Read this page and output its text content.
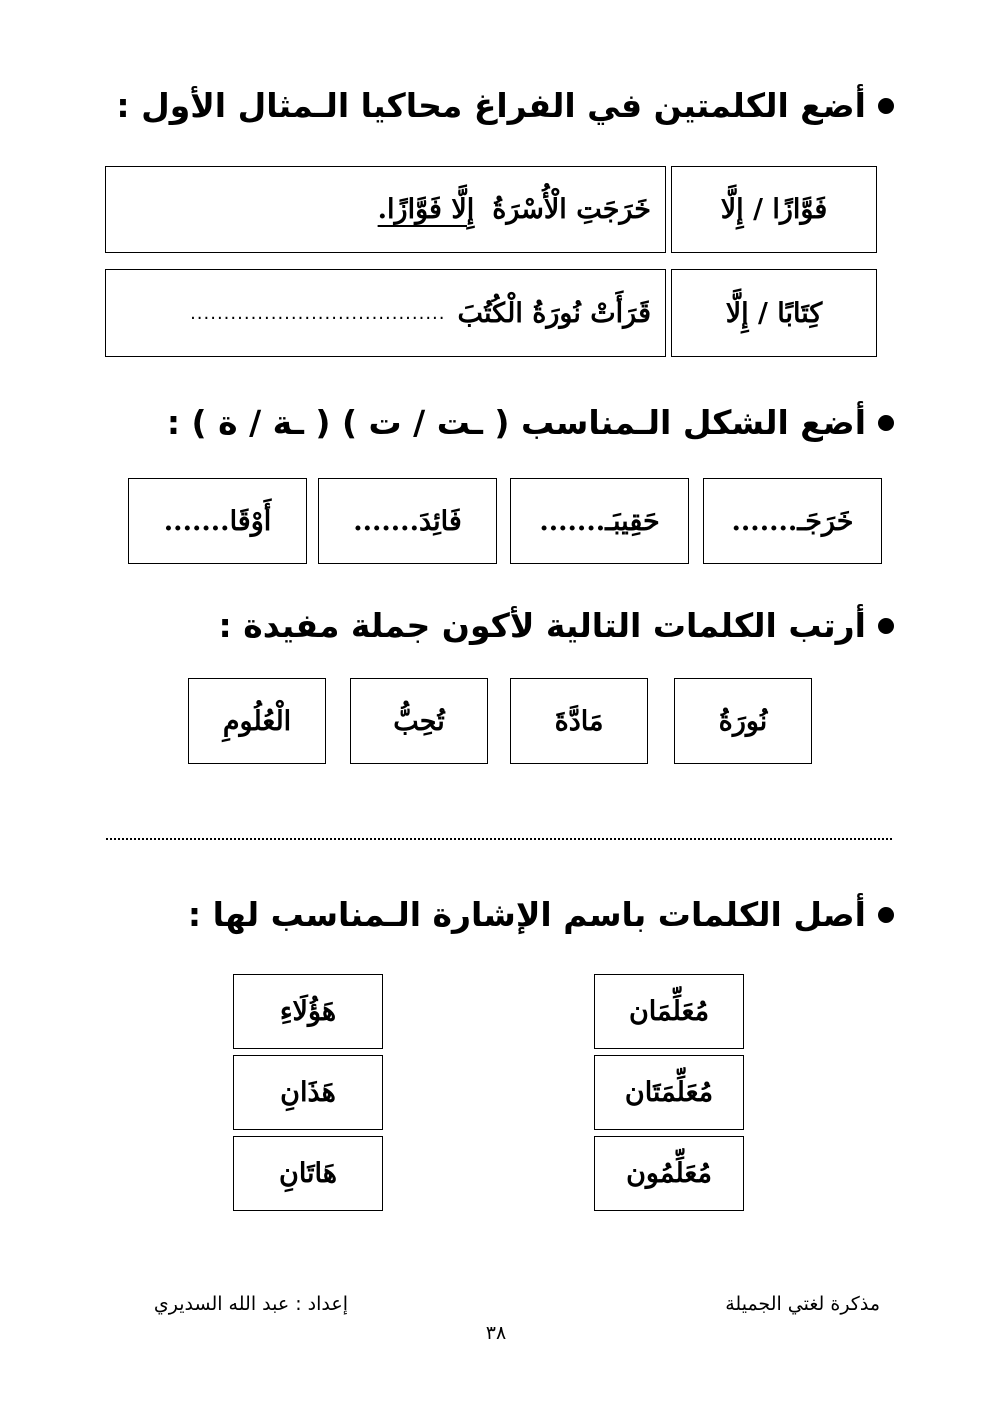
أضع الكلمتين في الفراغ محاكيا الـمثال الأول :
فَوَّازًا / إِلَّا
خَرَجَتِ الْأُسْرَةُ
إِلَّا فَوَّازًا.
كِتَابًا / إِلَّا
قَرَأَتْ نُورَةُ الْكُتُبَ
......................................
أضع الشكل الـمناسب ( ـت / ت ) ( ـة / ة ) :
خَرَجَـ.......
حَقِيبَـ.......
فَائِدَ.......
أَوْقَا.......
أرتب الكلمات التالية لأكون جملة مفيدة :
نُورَةُ
مَادَّةَ
تُحِبُّ
الْعُلُومِ
أصل الكلمات باسم الإشارة الـمناسب لها :
مُعَلِّمَان
مُعَلِّمَتَان
مُعَلِّمُون
هَؤُلَاءِ
هَذَانِ
هَاتَانِ
مذكرة لغتي الجميلة
إعداد : عبد الله السديري
٣٨
